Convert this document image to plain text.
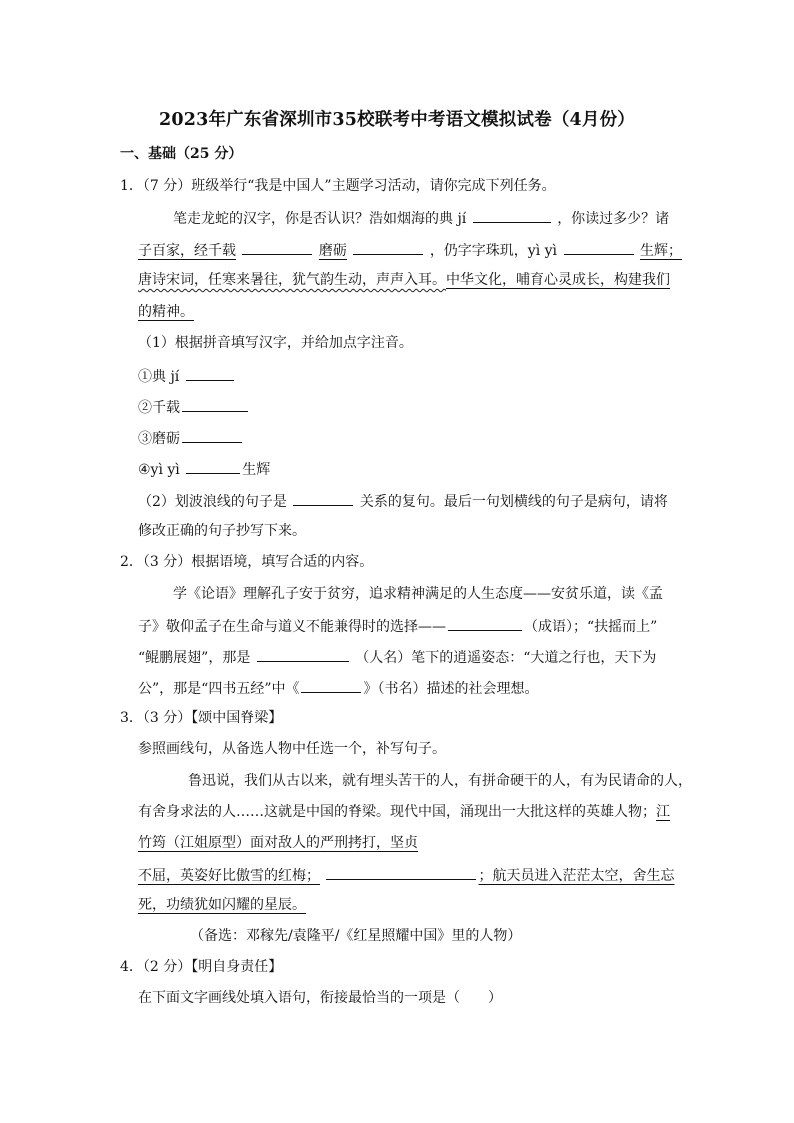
2023年广东省深圳市35校联考中考语文模拟试卷（4月份）
一、基础（25 分）
1．（7 分）班级举行“我是中国人”主题学习活动，请你完成下列任务。
笔走龙蛇的汉字，你是否认识？浩如烟海的典 jí	，你读过多少？诸
子百家，经千载	磨砺	，仍字字珠玑，yì yì	生辉；
唐诗宋词，任寒来暑往，犹气韵生动，声声入耳。中华文化，哺育心灵成长，构建我们
的精神。
（1）根据拼音填写汉字，并给加点字注音。
①典 jí
②千载
③磨砺
④yì yì	生辉
（2）划波浪线的句子是	关系的复句。最后一句划横线的句子是病句，请将
修改正确的句子抄写下来。
2．（3 分）根据语境，填写合适的内容。
学《论语》理解孔子安于贫穷，追求精神满足的人生态度——安贫乐道，读《孟
子》敬仰孟子在生命与道义不能兼得时的选择——	（成语）；“扶摇而上”
“鲲鹏展翅”，那是	（人名）笔下的逍遥姿态：“大道之行也，天下为
公”，那是“四书五经”中《	》（书名）描述的社会理想。
3．（3 分）【颂中国脊梁】
参照画线句，从备选人物中任选一个，补写句子。
鲁迅说，我们从古以来，就有埋头苦干的人，有拼命硬干的人，有为民请命的人，
有舍身求法的人……这就是中国的脊梁。现代中国，涌现出一大批这样的英雄人物；江
竹筠（江姐原型）面对敌人的严刑拷打，坚贞
不屈，英姿好比傲雪的红梅；	；航天员进入茫茫太空，舍生忘
死，功绩犹如闪耀的星辰。
（备选：邓稼先/袁隆平/《红星照耀中国》里的人物）
4．（2 分）【明自身责任】
在下面文字画线处填入语句，衔接最恰当的一项是（　　）
